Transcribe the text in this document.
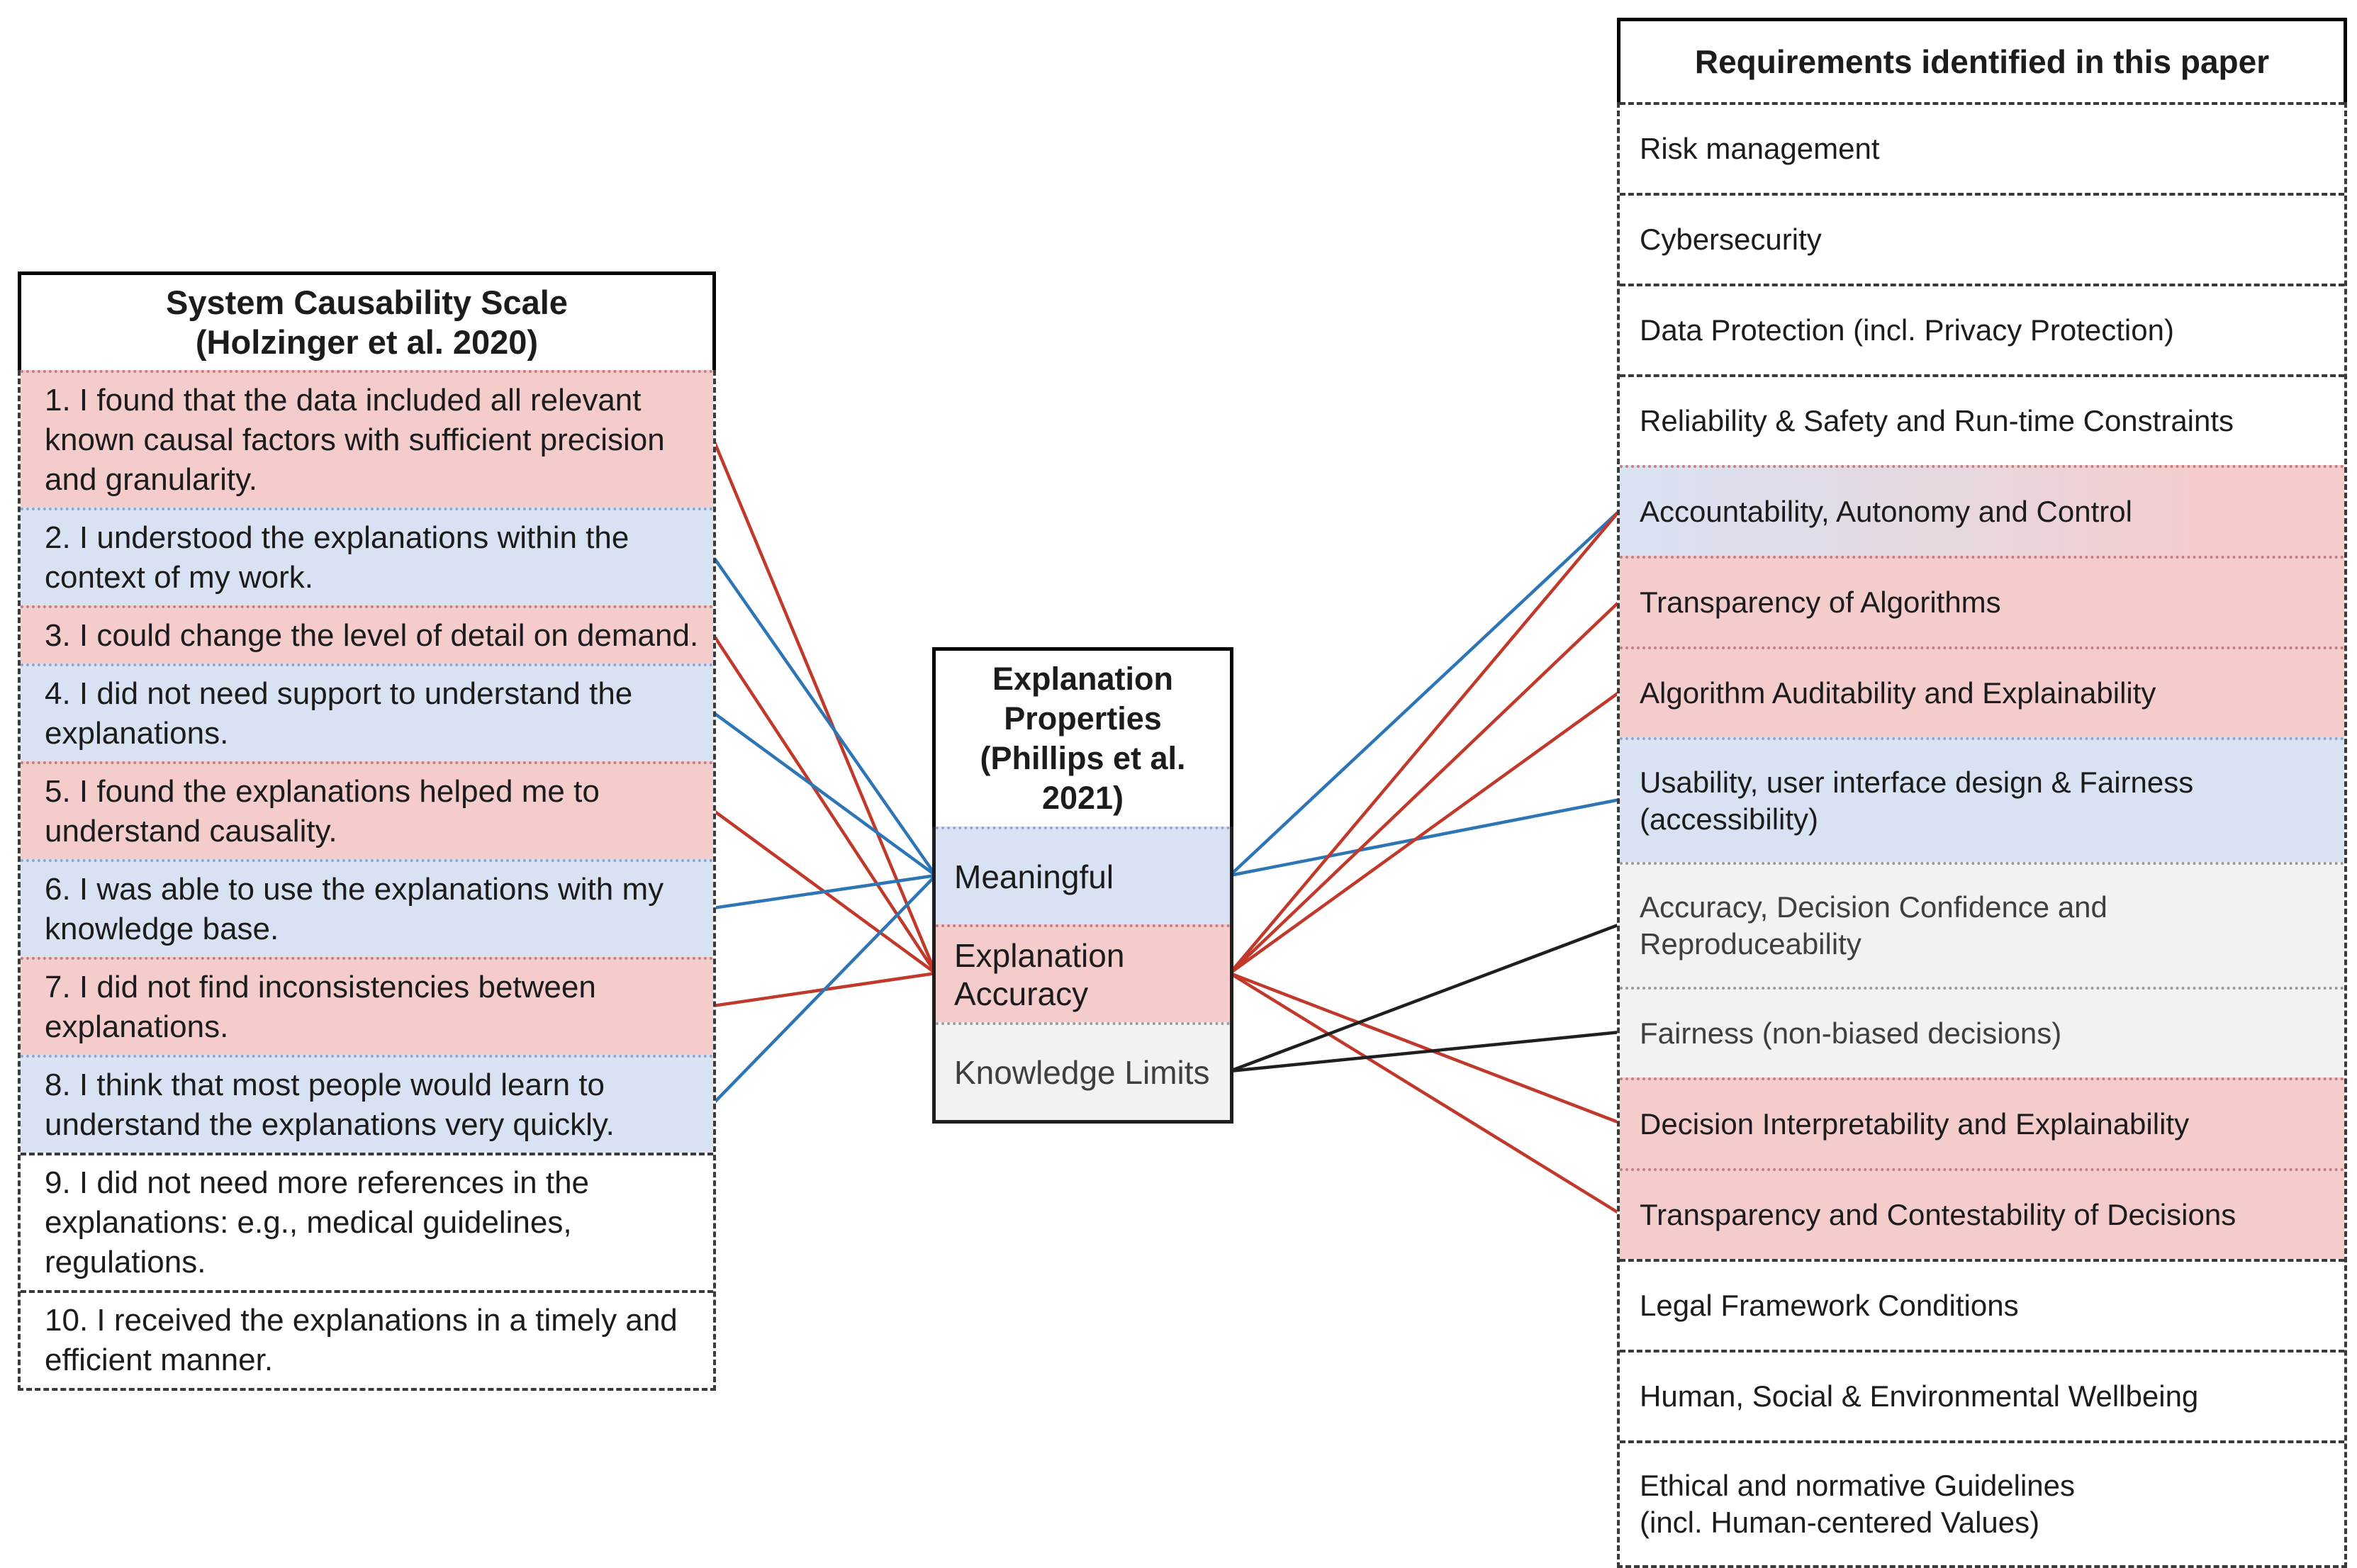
System Causability Scale
(Holzinger et al. 2020)
1. I found that the data included all relevant known causal factors with sufficient precision and granularity.
2. I understood the explanations within the context of my work.
3. I could change the level of detail on demand.
4. I did not need support to understand the explanations.
5. I found the explanations helped me to understand causality.
6. I was able to use the explanations with my knowledge base.
7. I did not find inconsistencies between explanations.
8. I think that most people would learn to understand the explanations very quickly.
9. I did not need more references in the explanations: e.g., medical guidelines, regulations.
10. I received the explanations in a timely and efficient manner.
Explanation Properties
(Phillips et al. 2021)
Meaningful
Explanation Accuracy
Knowledge Limits
Requirements identified in this paper
Risk management
Cybersecurity
Data Protection (incl. Privacy Protection)
Reliability & Safety and Run-time Constraints
Accountability, Autonomy and Control
Transparency of Algorithms
Algorithm Auditability and Explainability
Usability, user interface design & Fairness
(accessibility)
Accuracy, Decision Confidence and
Reproduceability
Fairness (non-biased decisions)
Decision Interpretability and Explainability
Transparency and Contestability of Decisions
Legal Framework Conditions
Human, Social & Environmental Wellbeing
Ethical and normative Guidelines
(incl. Human-centered Values)
